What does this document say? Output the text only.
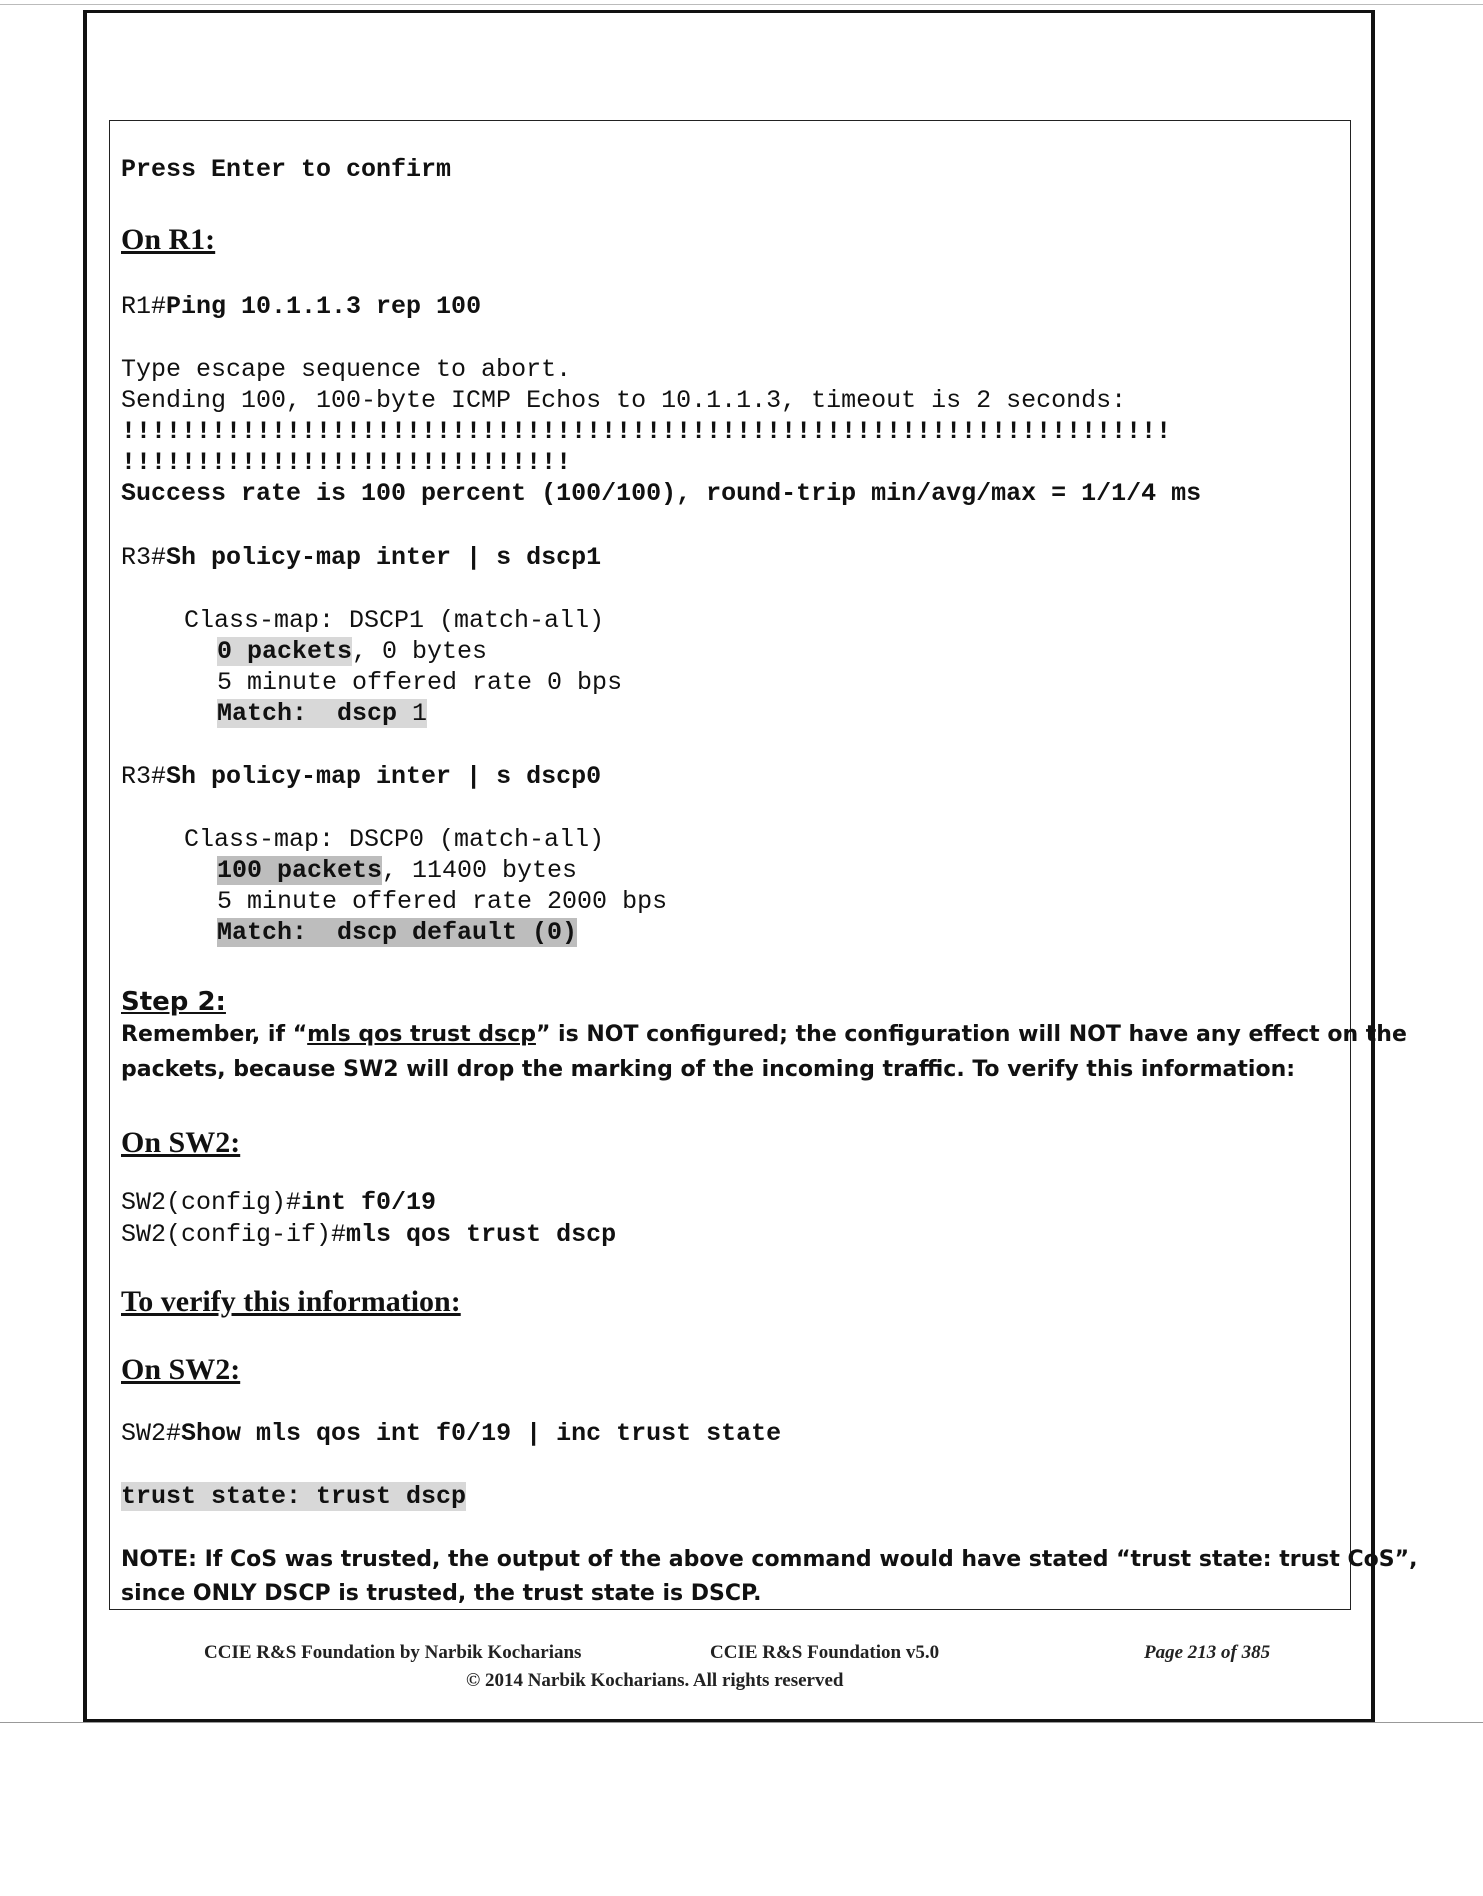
Press Enter to confirm
On R1:
R1#Ping 10.1.1.3 rep 100
Type escape sequence to abort.
Sending 100, 100-byte ICMP Echos to 10.1.1.3, timeout is 2 seconds:
!!!!!!!!!!!!!!!!!!!!!!!!!!!!!!!!!!!!!!!!!!!!!!!!!!!!!!!!!!!!!!!!!!!!!!
!!!!!!!!!!!!!!!!!!!!!!!!!!!!!!
Success rate is 100 percent (100/100), round-trip min/avg/max = 1/1/4 ms
R3#Sh policy-map inter | s dscp1
Class-map: DSCP1 (match-all)
0 packets, 0 bytes
5 minute offered rate 0 bps
Match:  dscp 1
R3#Sh policy-map inter | s dscp0
Class-map: DSCP0 (match-all)
100 packets, 11400 bytes
5 minute offered rate 2000 bps
Match:  dscp default (0)
Step 2:
Remember, if “mls qos trust dscp” is NOT configured; the configuration will NOT have any effect on the
packets, because SW2 will drop the marking of the incoming traffic. To verify this information:
On SW2:
SW2(config)#int f0/19
SW2(config-if)#mls qos trust dscp
To verify this information:
On SW2:
SW2#Show mls qos int f0/19 | inc trust state
trust state: trust dscp
NOTE: If CoS was trusted, the output of the above command would have stated “trust state: trust CoS”,
since ONLY DSCP is trusted, the trust state is DSCP.
CCIE R&S Foundation by Narbik Kocharians	CCIE R&S Foundation v5.0	Page 213 of 385
© 2014 Narbik Kocharians. All rights reserved
